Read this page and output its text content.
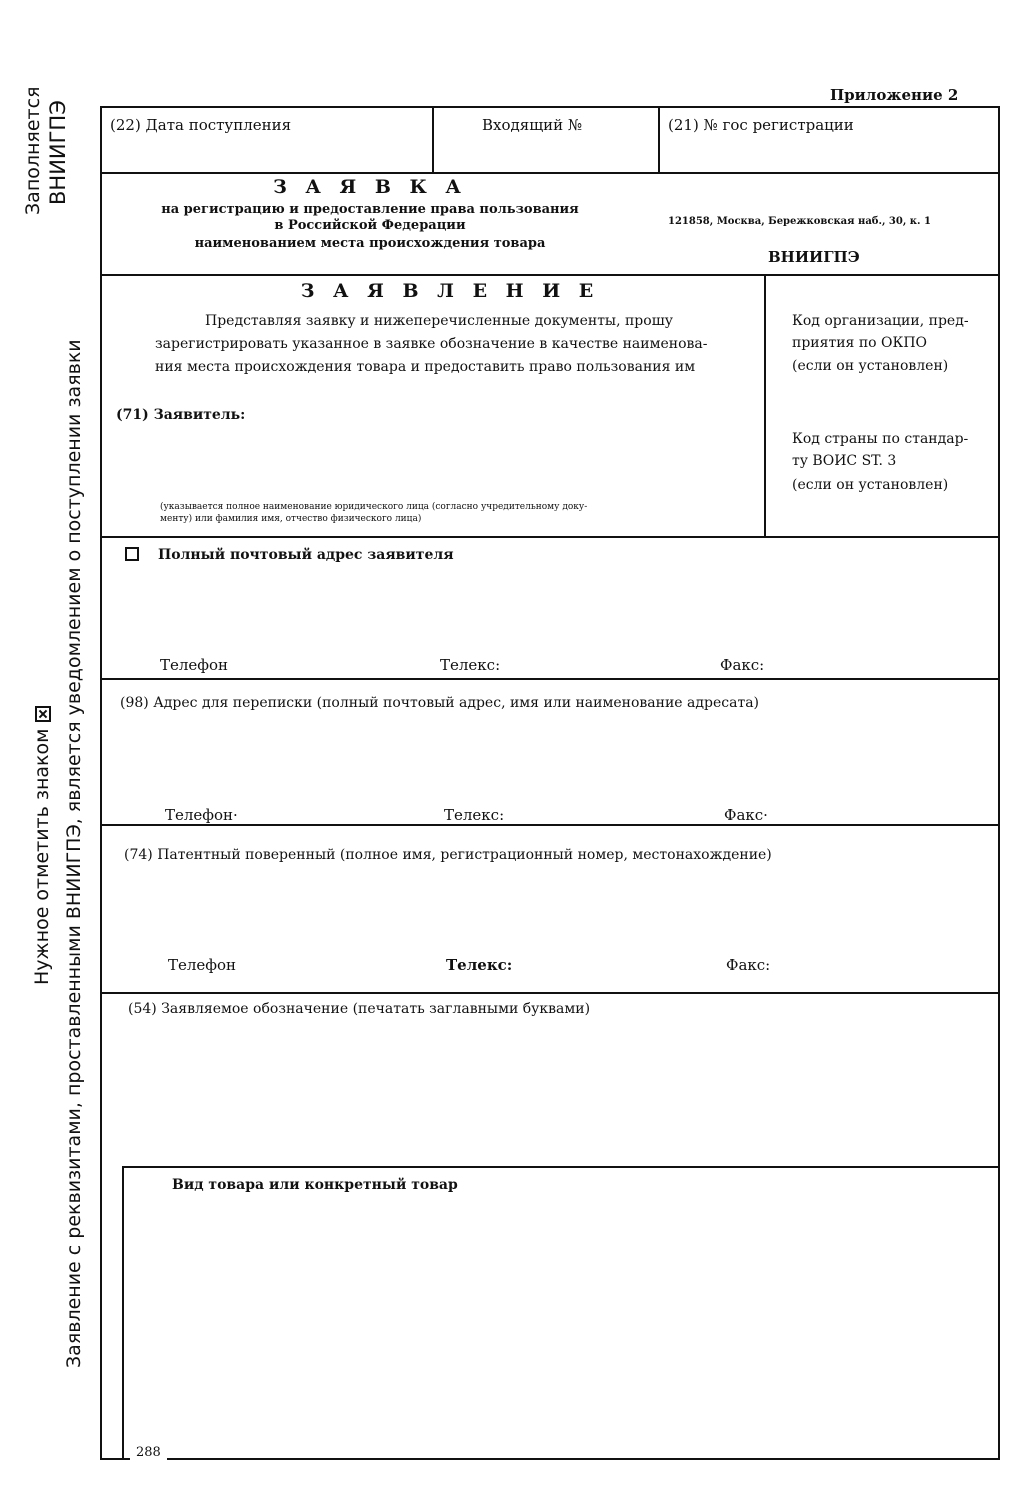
Заполняется ВНИИГПЭ
Нужное отметить знаком Заявление с реквизитами, проставленными ВНИИГПЭ, является уведомлением о поступлении заявки
Приложение 2
(22) Дата поступления	Входящий №	(21) № гос регистрации
З А Я В К А
на регистрацию и предоставление права пользования
в Российской Федерации
наименованием места происхождения товара
121858, Москва, Бережковская наб., 30, к. 1
ВНИИГПЭ
З А Я В Л Е Н И Е
Представляя заявку и нижеперечисленные документы, прошу
зарегистрировать указанное в заявке обозначение в качестве наименова-
ния места происхождения товара и предоставить право пользования им
(71) Заявитель:
(указывается полное наименование юридического лица (согласно учредительному доку-
менту) или фамилия имя, отчество физического лица)
Код организации, пред-
приятия по ОКПО
(если он установлен)
Код страны по стандар-
ту ВОИС ST. 3
(если он установлен)
Полный почтовый адрес заявителя
Телефон	Телекс:	Факс:
(98) Адрес для переписки (полный почтовый адрес, имя или наименование адресата)
Телефон·	Телекс:	Факс·
(74) Патентный поверенный (полное имя, регистрационный номер, местонахождение)
Телефон	Телекс:	Факс:
(54) Заявляемое обозначение (печатать заглавными буквами)
Вид товара или конкретный товар
288
